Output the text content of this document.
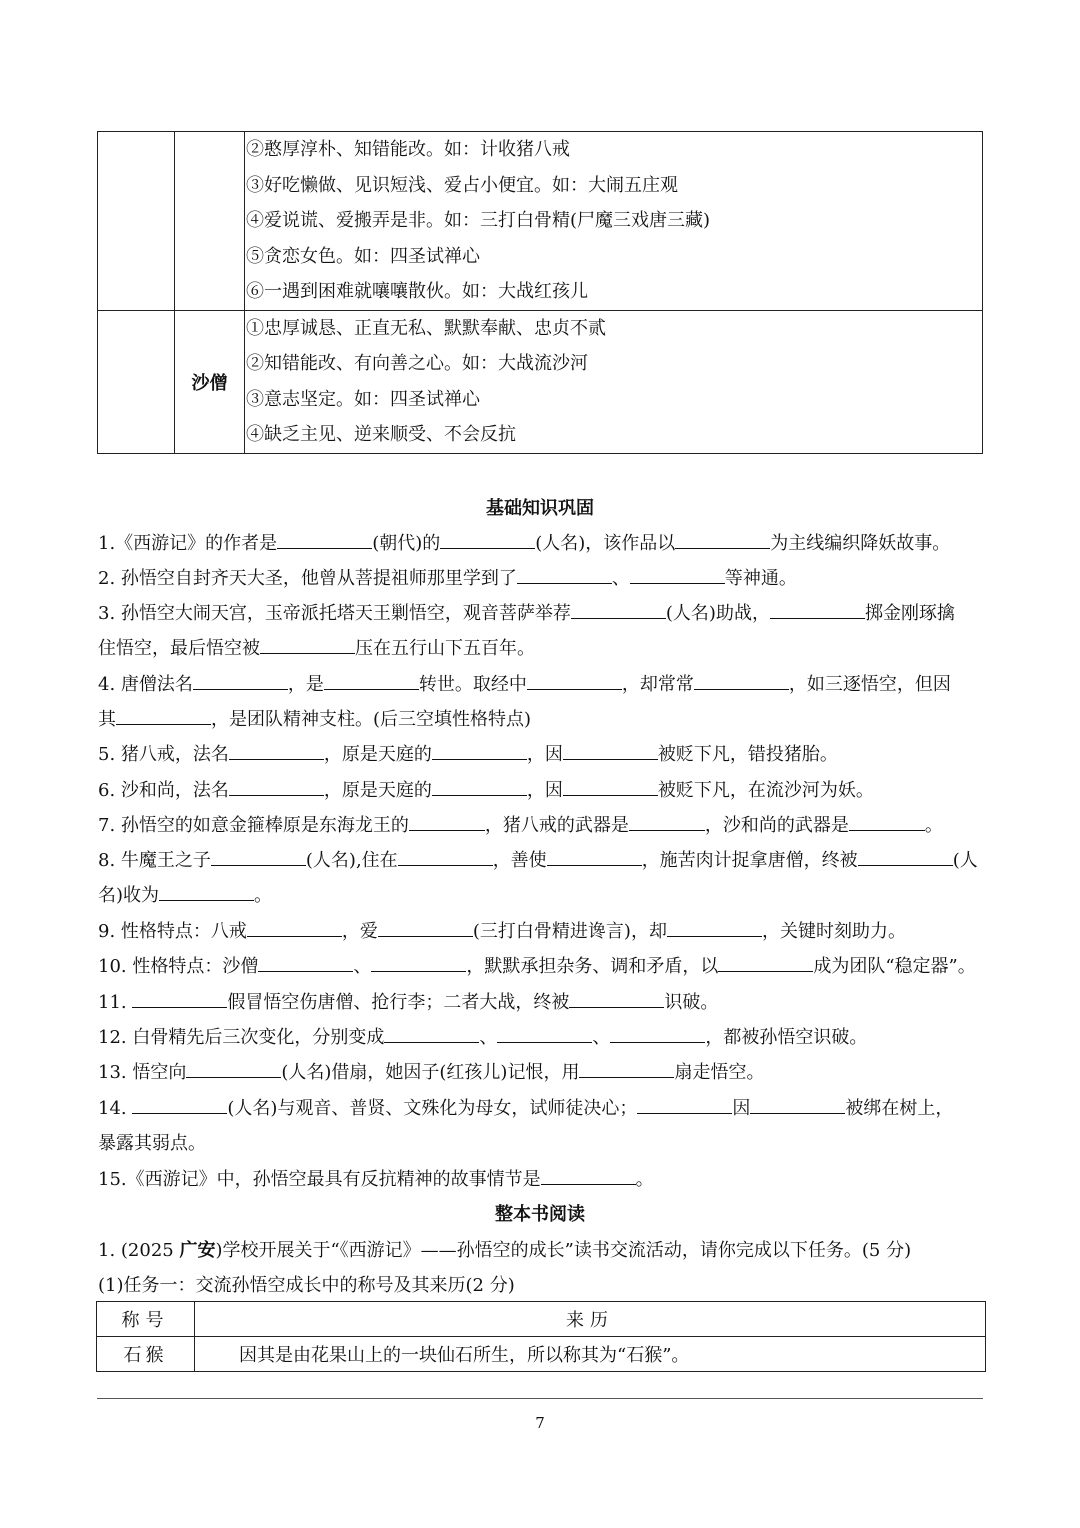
		②憨厚淳朴、知错能改。如：计收猪八戒
③好吃懒做、见识短浅、爱占小便宜。如：大闹五庄观
④爱说谎、爱搬弄是非。如：三打白骨精(尸魔三戏唐三藏)
⑤贪恋女色。如：四圣试禅心
⑥一遇到困难就嚷嚷散伙。如：大战红孩儿

	沙僧	①忠厚诚恳、正直无私、默默奉献、忠贞不贰
②知错能改、有向善之心。如：大战流沙河
③意志坚定。如：四圣试禅心
④缺乏主见、逆来顺受、不会反抗
基础知识巩固
1.《西游记》的作者是	(朝代)的	(人名)，该作品以	为主线编织降妖故事。
2. 孙悟空自封齐天大圣，他曾从菩提祖师那里学到了	、	等神通。
3. 孙悟空大闹天宫，玉帝派托塔天王剿悟空，观音菩萨举荐	(人名)助战，	掷金刚琢擒
住悟空，最后悟空被	压在五行山下五百年。
4. 唐僧法名	，是	转世。取经中	，却常常	，如三逐悟空，但因
其	，是团队精神支柱。(后三空填性格特点)
5. 猪八戒，法名	，原是天庭的	，因	被贬下凡，错投猪胎。
6. 沙和尚，法名	，原是天庭的	，因	被贬下凡，在流沙河为妖。
7. 孙悟空的如意金箍棒原是东海龙王的	，猪八戒的武器是	，沙和尚的武器是	。
8. 牛魔王之子	(人名),住在	，善使	，施苦肉计捉拿唐僧，终被	(人
名)收为	。
9. 性格特点：八戒	，爱	(三打白骨精进谗言)，却	，关键时刻助力。
10. 性格特点：沙僧	、	，默默承担杂务、调和矛盾，以	成为团队“稳定器”。
11.	假冒悟空伤唐僧、抢行李；二者大战，终被	识破。
12. 白骨精先后三次变化，分别变成	、	、	，都被孙悟空识破。
13. 悟空向	(人名)借扇，她因子(红孩儿)记恨，用	扇走悟空。
14.	(人名)与观音、普贤、文殊化为母女，试师徒决心；	因	被绑在树上，
暴露其弱点。
15.《西游记》中，孙悟空最具有反抗精神的故事情节是	。
整本书阅读
1. (2025 广安)学校开展关于“《西游记》——孙悟空的成长”读书交流活动，请你完成以下任务。(5 分)
(1)任务一：交流孙悟空成长中的称号及其来历(2 分)
称号	来历
石猴	因其是由花果山上的一块仙石所生，所以称其为“石猴”。
7
